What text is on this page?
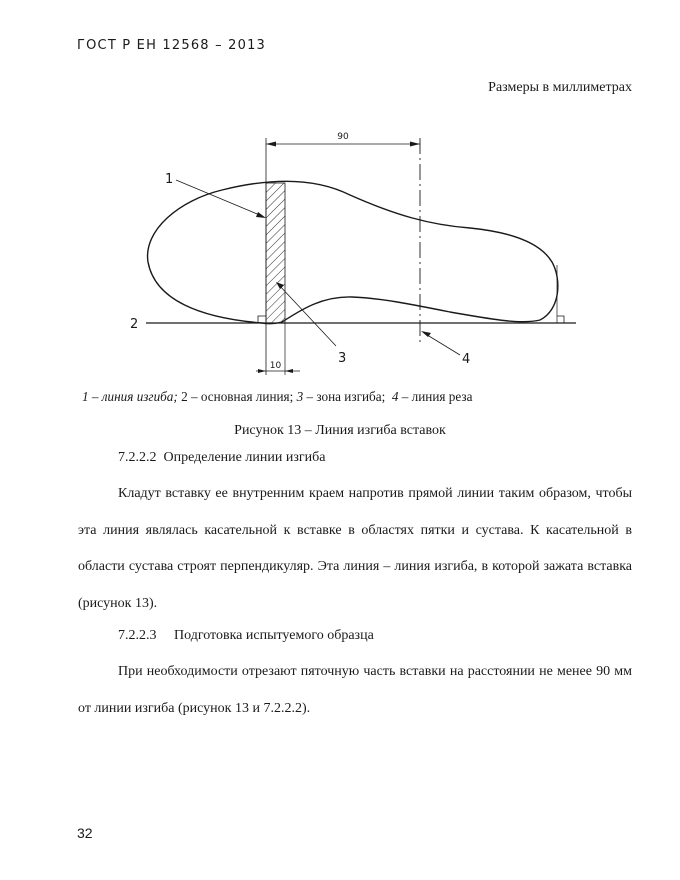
ГОСТ Р ЕН 12568 – 2013
Размеры в миллиметрах
90
10
1
2
3	4
1 – линия изгиба; 2 – основная линия; 3 – зона изгиба; 4 – линия реза
Рисунок 13 – Линия изгиба вставок
7.2.2.2 Определение линии изгиба
Кладут вставку ее внутренним краем напротив прямой линии таким образом, чтобы эта линия являлась касательной к вставке в областях пятки и сустава. К касательной в области сустава строят перпендикуляр. Эта линия – линия изгиба, в которой зажата вставка (рисунок 13).
7.2.2.3 Подготовка испытуемого образца
При необходимости отрезают пяточную часть вставки на расстоянии не менее 90 мм от линии изгиба (рисунок 13 и 7.2.2.2).
32
